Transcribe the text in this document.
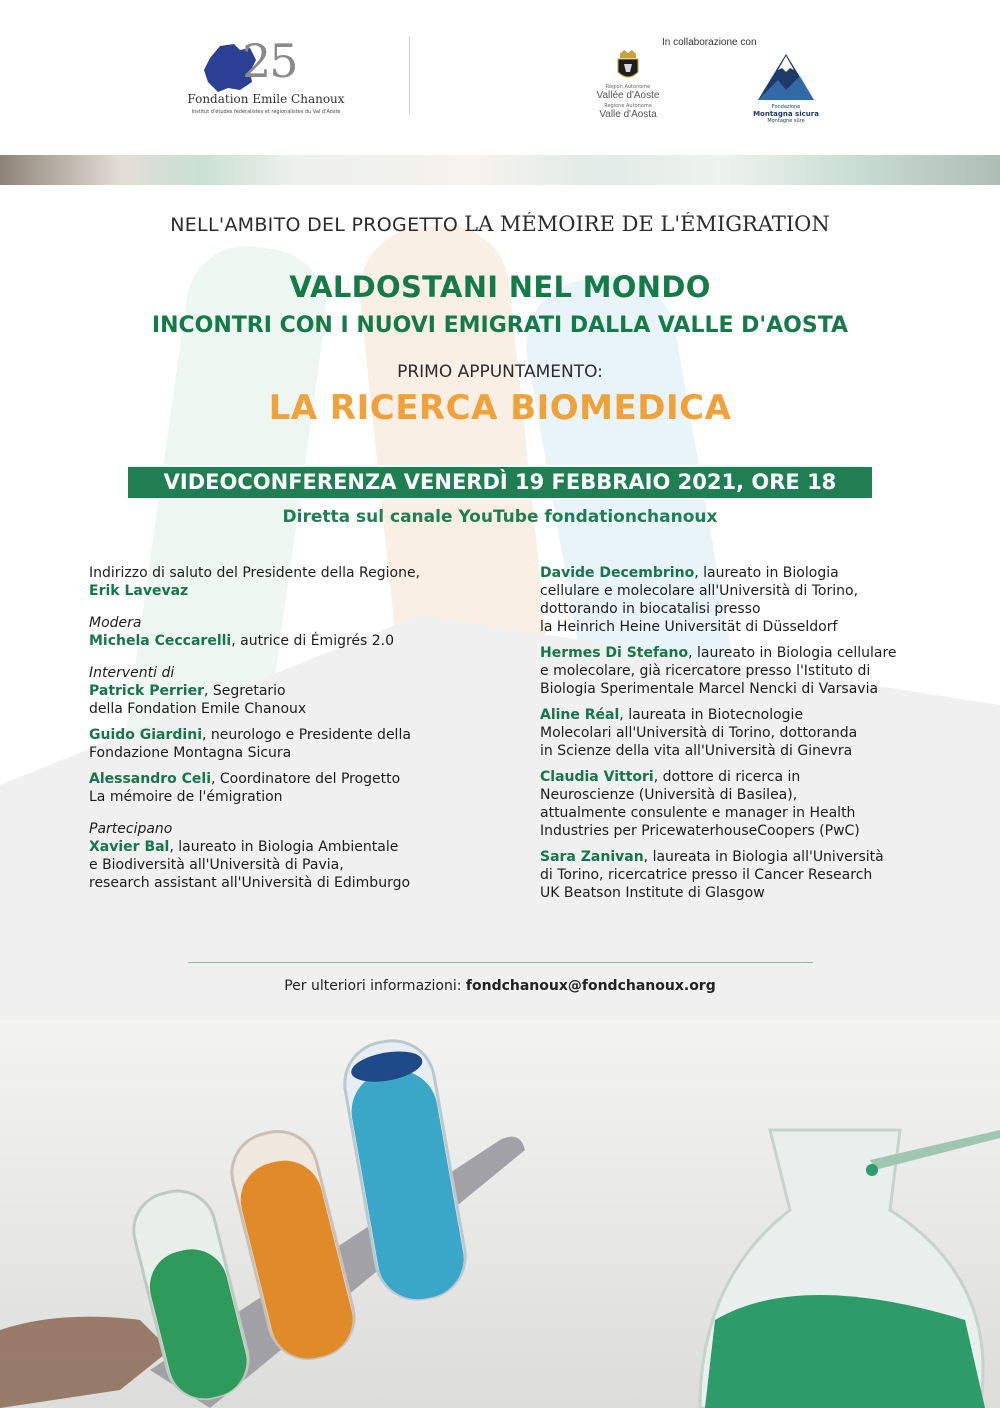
25
Fondation Emile Chanoux
Institut d'études fédéralistes et régionalistes du Val d'Aoste
In collaborazione con
Région Autonome
Vallée d'Aoste
Regione Autonoma
Valle d'Aosta
Fondazione
Montagna sicura
Montagne sûre
NELL'AMBITO DEL PROGETTO LA MÉMOIRE DE L'ÉMIGRATION
VALDOSTANI NEL MONDO
INCONTRI CON I NUOVI EMIGRATI DALLA VALLE D'AOSTA
PRIMO APPUNTAMENTO:
LA RICERCA BIOMEDICA
VIDEOCONFERENZA VENERDÌ 19 FEBBRAIO 2021, ORE 18
Diretta sul canale YouTube fondationchanoux
Indirizzo di saluto del Presidente della Regione,
Erik Lavevaz
Modera
Michela Ceccarelli, autrice di Émigrés 2.0
Interventi di
Patrick Perrier, Segretario
della Fondation Emile Chanoux
Guido Giardini, neurologo e Presidente della
Fondazione Montagna Sicura
Alessandro Celi, Coordinatore del Progetto
La mémoire de l'émigration
Partecipano
Xavier Bal, laureato in Biologia Ambientale
e Biodiversità all'Università di Pavia,
research assistant all'Università di Edimburgo
Davide Decembrino, laureato in Biologia
cellulare e molecolare all'Università di Torino,
dottorando in biocatalisi presso
la Heinrich Heine Universität di Düsseldorf
Hermes Di Stefano, laureato in Biologia cellulare
e molecolare, già ricercatore presso l'Istituto di
Biologia Sperimentale Marcel Nencki di Varsavia
Aline Réal, laureata in Biotecnologie
Molecolari all'Università di Torino, dottoranda
in Scienze della vita all'Università di Ginevra
Claudia Vittori, dottore di ricerca in
Neuroscienze (Università di Basilea),
attualmente consulente e manager in Health
Industries per PricewaterhouseCoopers (PwC)
Sara Zanivan, laureata in Biologia all'Università
di Torino, ricercatrice presso il Cancer Research
UK Beatson Institute di Glasgow
Per ulteriori informazioni: fondchanoux@fondchanoux.org
